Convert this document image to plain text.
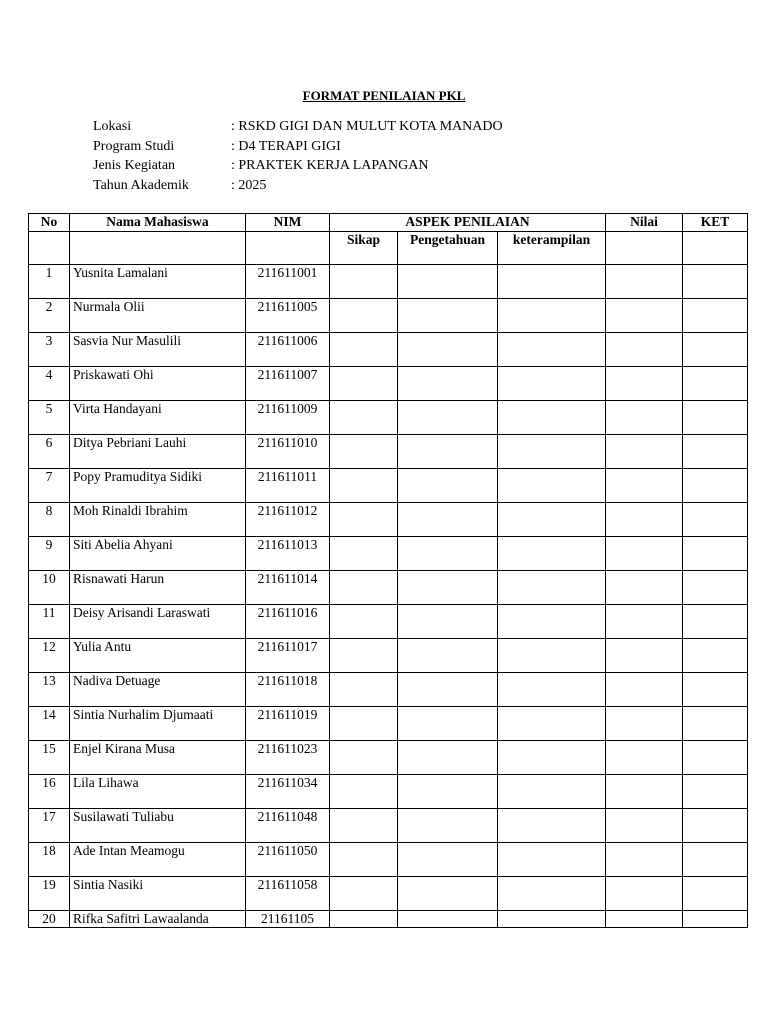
FORMAT PENILAIAN PKL
Lokasi	: RSKD GIGI DAN MULUT KOTA MANADO
Program Studi	: D4 TERAPI GIGI
Jenis Kegiatan	: PRAKTEK KERJA LAPANGAN
Tahun Akademik	: 2025
No	Nama Mahasiswa	NIM	ASPEK PENILAIAN			Nilai	KET
			Sikap	Pengetahuan	keterampilan		
1	Yusnita Lamalani	211611001					
2	Nurmala Olii	211611005					
3	Sasvia Nur Masulili	211611006					
4	Priskawati Ohi	211611007					
5	Virta Handayani	211611009					
6	Ditya Pebriani Lauhi	211611010					
7	Popy Pramuditya Sidiki	211611011					
8	Moh Rinaldi Ibrahim	211611012					
9	Siti Abelia Ahyani	211611013					
10	Risnawati Harun	211611014					
11	Deisy Arisandi Laraswati	211611016					
12	Yulia Antu	211611017					
13	Nadiva Detuage	211611018					
14	Sintia Nurhalim Djumaati	211611019					
15	Enjel Kirana Musa	211611023					
16	Lila Lihawa	211611034					
17	Susilawati Tuliabu	211611048					
18	Ade Intan Meamogu	211611050					
19	Sintia Nasiki	211611058					
20	Rifka Safitri Lawaalanda	21161105					
